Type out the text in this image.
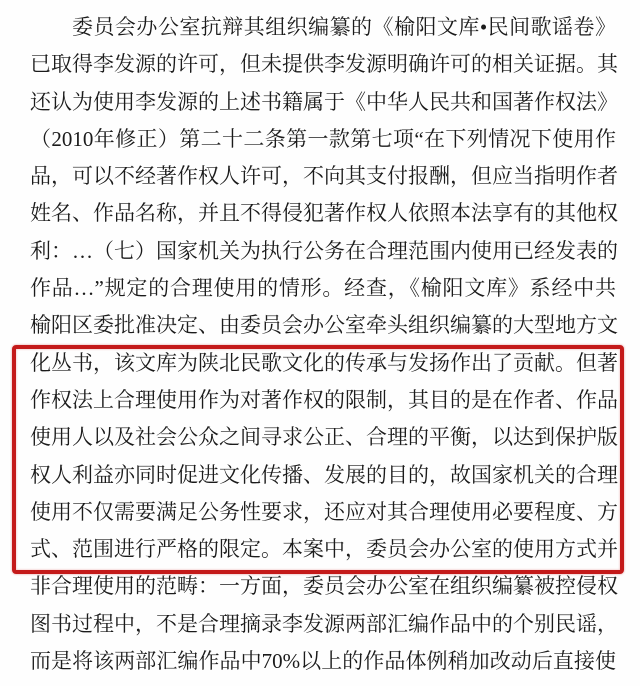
委员会办公室抗辩其组织编纂的《榆阳文库•民间歌谣卷》
已取得李发源的许可，但未提供李发源明确许可的相关证据。其
还认为使用李发源的上述书籍属于《中华人民共和国著作权法》
（2010年修正）第二十二条第一款第七项“在下列情况下使用作
品，可以不经著作权人许可，不向其支付报酬，但应当指明作者
姓名、作品名称，并且不得侵犯著作权人依照本法享有的其他权
利：…（七）国家机关为执行公务在合理范围内使用已经发表的
作品…”规定的合理使用的情形。经查，《榆阳文库》系经中共
榆阳区委批准决定、由委员会办公室牵头组织编纂的大型地方文
化丛书，该文库为陕北民歌文化的传承与发扬作出了贡献。但著
作权法上合理使用作为对著作权的限制，其目的是在作者、作品
使用人以及社会公众之间寻求公正、合理的平衡，以达到保护版
权人利益亦同时促进文化传播、发展的目的，故国家机关的合理
使用不仅需要满足公务性要求，还应对其合理使用必要程度、方
式、范围进行严格的限定。本案中，委员会办公室的使用方式并
非合理使用的范畴：一方面，委员会办公室在组织编纂被控侵权
图书过程中，不是合理摘录李发源两部汇编作品中的个别民谣，
而是将该两部汇编作品中70%以上的作品体例稍加改动后直接使
